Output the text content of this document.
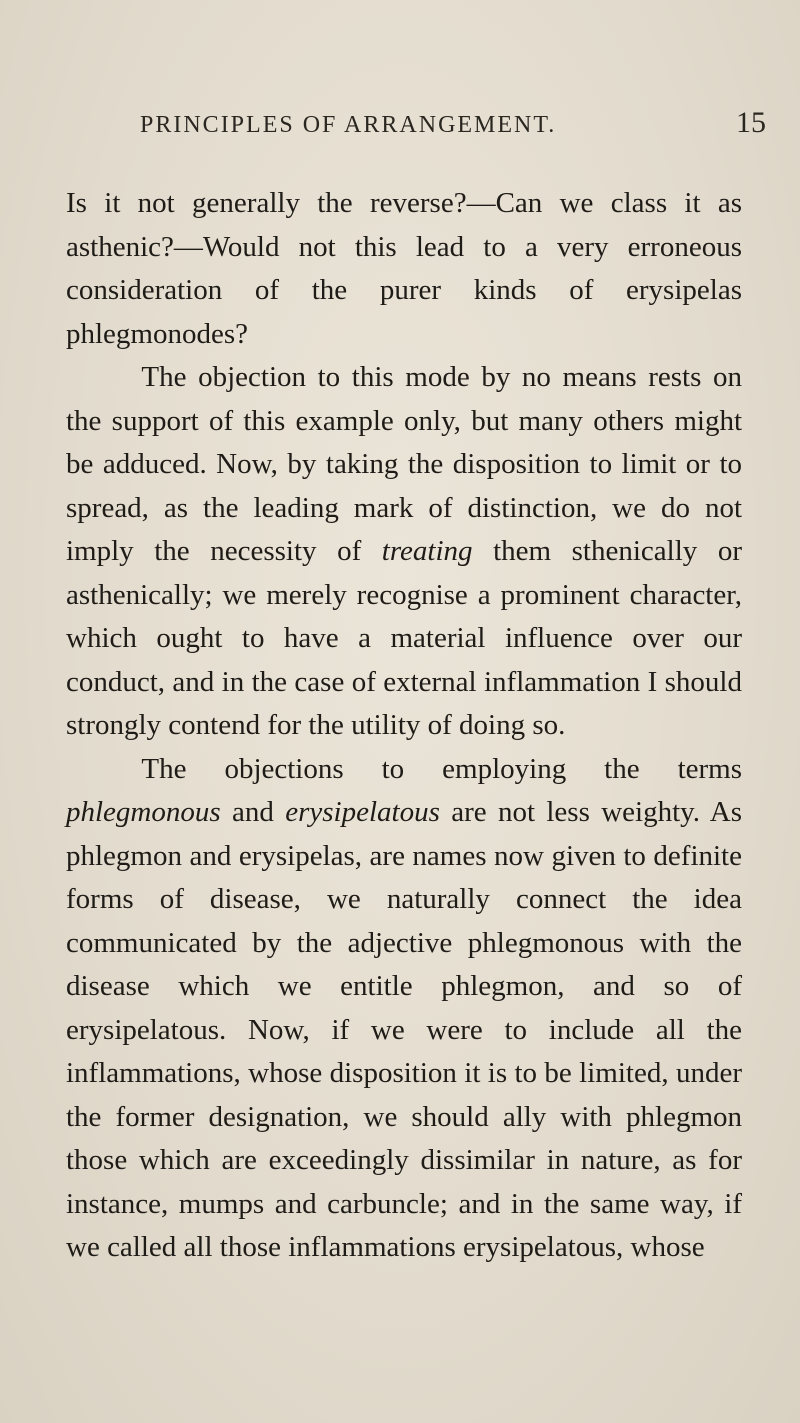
PRINCIPLES OF ARRANGEMENT.	15

Is it not generally the reverse?—Can we class it as asthenic?—Would not this lead to a very erroneous consideration of the purer kinds of erysipelas phlegmonodes?

The objection to this mode by no means rests on the support of this example only, but many others might be adduced. Now, by taking the disposition to limit or to spread, as the leading mark of distinction, we do not imply the necessity of treating them sthenically or asthenically; we merely recognise a prominent character, which ought to have a material influence over our conduct, and in the case of external inflammation I should strongly contend for the utility of doing so.

The objections to employing the terms phlegmonous and erysipelatous are not less weighty. As phlegmon and erysipelas, are names now given to definite forms of disease, we naturally connect the idea communicated by the adjective phlegmonous with the disease which we entitle phlegmon, and so of erysipelatous. Now, if we were to include all the inflammations, whose disposition it is to be limited, under the former designation, we should ally with phlegmon those which are exceedingly dissimilar in nature, as for instance, mumps and carbuncle; and in the same way, if we called all those inflammations erysipelatous, whose
